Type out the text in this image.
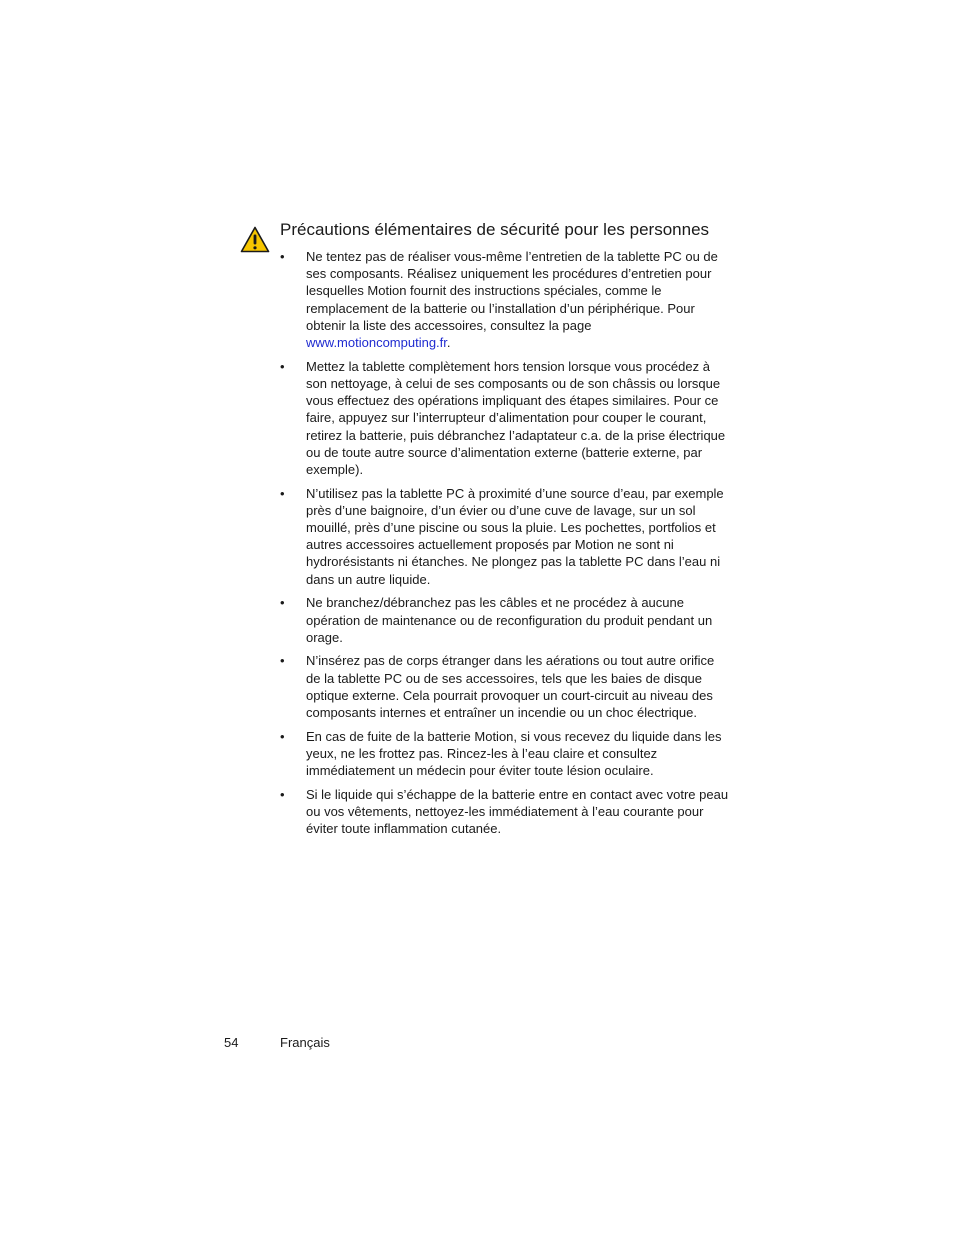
Précautions élémentaires de sécurité pour les personnes
• Ne tentez pas de réaliser vous-même l’entretien de la tablette PC ou de ses composants. Réalisez uniquement les procédures d’entretien pour lesquelles Motion fournit des instructions spéciales, comme le remplacement de la batterie ou l’installation d’un périphérique. Pour obtenir la liste des accessoires, consultez la page www.motioncomputing.fr.
• Mettez la tablette complètement hors tension lorsque vous procédez à son nettoyage, à celui de ses composants ou de son châssis ou lorsque vous effectuez des opérations impliquant des étapes similaires. Pour ce faire, appuyez sur l’interrupteur d’alimentation pour couper le courant, retirez la batterie, puis débranchez l’adaptateur c.a. de la prise électrique ou de toute autre source d’alimentation externe (batterie externe, par exemple).
• N’utilisez pas la tablette PC à proximité d’une source d’eau, par exemple près d’une baignoire, d’un évier ou d’une cuve de lavage, sur un sol mouillé, près d’une piscine ou sous la pluie. Les pochettes, portfolios et autres accessoires actuellement proposés par Motion ne sont ni hydrorésistants ni étanches. Ne plongez pas la tablette PC dans l’eau ni dans un autre liquide.
• Ne branchez/débranchez pas les câbles et ne procédez à aucune opération de maintenance ou de reconfiguration du produit pendant un orage.
• N’insérez pas de corps étranger dans les aérations ou tout autre orifice de la tablette PC ou de ses accessoires, tels que les baies de disque optique externe. Cela pourrait provoquer un court-circuit au niveau des composants internes et entraîner un incendie ou un choc électrique.
• En cas de fuite de la batterie Motion, si vous recevez du liquide dans les yeux, ne les frottez pas. Rincez-les à l’eau claire et consultez immédiatement un médecin pour éviter toute lésion oculaire.
• Si le liquide qui s’échappe de la batterie entre en contact avec votre peau ou vos vêtements, nettoyez-les immédiatement à l’eau courante pour éviter toute inflammation cutanée.
54	Français
